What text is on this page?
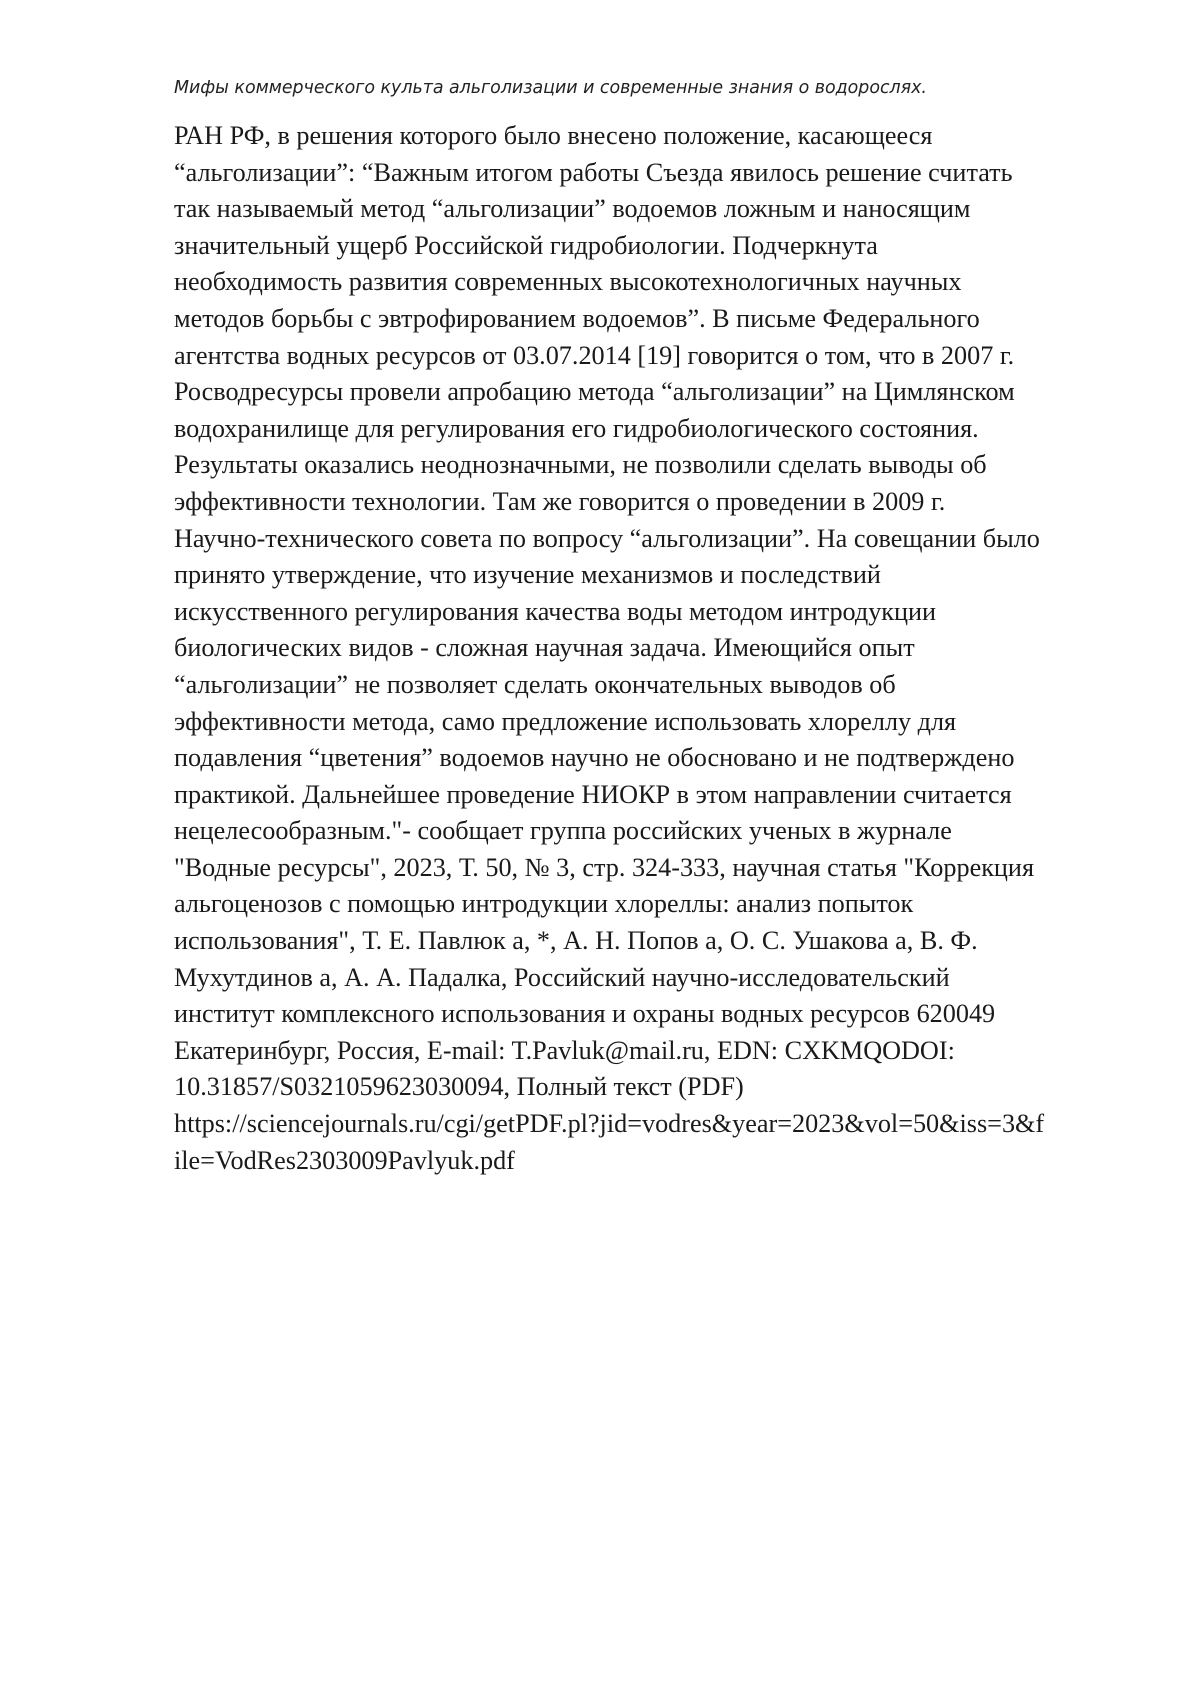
Мифы коммерческого культа альголизации и современные знания о водорослях.
РАН РФ, в решения которого было внесено положение, касающееся
“альголизации”: “Важным итогом работы Съезда явилось решение считать
так называемый метод “альголизации” водоемов ложным и наносящим
значительный ущерб Российской гидробиологии. Подчеркнута
необходимость развития современных высокотехнологичных научных
методов борьбы с эвтрофированием водоемов”. В письме Федерального
агентства водных ресурсов от 03.07.2014 [19] говорится о том, что в 2007 г.
Росводресурсы провели апробацию метода “альголизации” на Цимлянском
водохранилище для регулирования его гидробиологического состояния.
Результаты оказались неоднозначными, не позволили сделать выводы об
эффективности технологии. Там же говорится о проведении в 2009 г.
Научно-технического совета по вопросу “альголизации”. На совещании было
принято утверждение, что изучение механизмов и последствий
искусственного регулирования качества воды методом интродукции
биологических видов - сложная научная задача. Имеющийся опыт
“альголизации” не позволяет сделать окончательных выводов об
эффективности метода, само предложение использовать хлореллу для
подавления “цветения” водоемов научно не обосновано и не подтверждено
практикой. Дальнейшее проведение НИОКР в этом направлении считается
нецелесообразным."- сообщает группа российских ученых в журнале
"Водные ресурсы", 2023, Т. 50, № 3, стр. 324-333, научная статья "Коррекция
альгоценозов с помощью интродукции хлореллы: анализ попыток
использования", Т. Е. Павлюк а, *, А. Н. Попов а, О. С. Ушакова а, В. Ф.
Мухутдинов а, А. А. Падалка, Российский научно-исследовательский
институт комплексного использования и охраны водных ресурсов 620049
Екатеринбург, Россия, E-mail: T.Pavluk@mail.ru, EDN: CXKMQODOI:
10.31857/S0321059623030094, Полный текст (PDF)
https://sciencejournals.ru/cgi/getPDF.pl?jid=vodres&year=2023&vol=50&iss=3&f
ile=VodRes2303009Pavlyuk.pdf
